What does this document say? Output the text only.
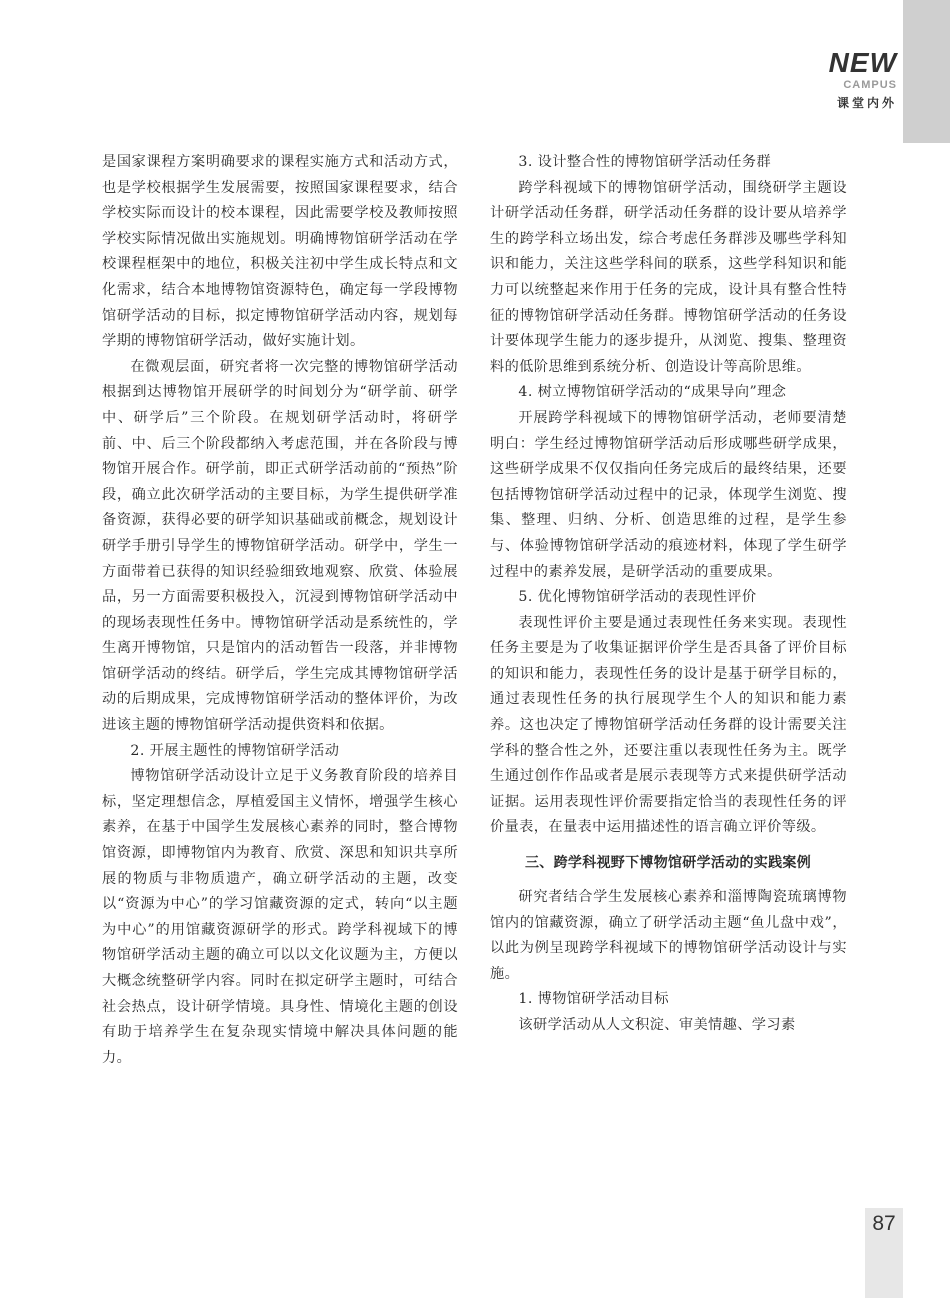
87
NEW
CAMPUS
课堂内外

是国家课程方案明确要求的课程实施方式和活动方式，也是学校根据学生发展需要，按照国家课程要求，结合学校实际而设计的校本课程，因此需要学校及教师按照学校实际情况做出实施规划。明确博物馆研学活动在学校课程框架中的地位，积极关注初中学生成长特点和文化需求，结合本地博物馆资源特色，确定每一学段博物馆研学活动的目标，拟定博物馆研学活动内容，规划每学期的博物馆研学活动，做好实施计划。

在微观层面，研究者将一次完整的博物馆研学活动根据到达博物馆开展研学的时间划分为“研学前、研学中、研学后”三个阶段。在规划研学活动时，将研学前、中、后三个阶段都纳入考虑范围，并在各阶段与博物馆开展合作。研学前，即正式研学活动前的“预热”阶段，确立此次研学活动的主要目标，为学生提供研学准备资源，获得必要的研学知识基础或前概念，规划设计研学手册引导学生的博物馆研学活动。研学中，学生一方面带着已获得的知识经验细致地观察、欣赏、体验展品，另一方面需要积极投入，沉浸到博物馆研学活动中的现场表现性任务中。博物馆研学活动是系统性的，学生离开博物馆，只是馆内的活动暂告一段落，并非博物馆研学活动的终结。研学后，学生完成其博物馆研学活动的后期成果，完成博物馆研学活动的整体评价，为改进该主题的博物馆研学活动提供资料和依据。

2. 开展主题性的博物馆研学活动

博物馆研学活动设计立足于义务教育阶段的培养目标，坚定理想信念，厚植爱国主义情怀，增强学生核心素养，在基于中国学生发展核心素养的同时，整合博物馆资源，即博物馆内为教育、欣赏、深思和知识共享所展的物质与非物质遗产，确立研学活动的主题，改变以“资源为中心”的学习馆藏资源的定式，转向“以主题为中心”的用馆藏资源研学的形式。跨学科视域下的博物馆研学活动主题的确立可以以文化议题为主，方便以大概念统整研学内容。同时在拟定研学主题时，可结合社会热点，设计研学情境。具身性、情境化主题的创设有助于培养学生在复杂现实情境中解决具体问题的能力。

3. 设计整合性的博物馆研学活动任务群

跨学科视域下的博物馆研学活动，围绕研学主题设计研学活动任务群，研学活动任务群的设计要从培养学生的跨学科立场出发，综合考虑任务群涉及哪些学科知识和能力，关注这些学科间的联系，这些学科知识和能力可以统整起来作用于任务的完成，设计具有整合性特征的博物馆研学活动任务群。博物馆研学活动的任务设计要体现学生能力的逐步提升，从浏览、搜集、整理资料的低阶思维到系统分析、创造设计等高阶思维。

4. 树立博物馆研学活动的“成果导向”理念

开展跨学科视域下的博物馆研学活动，老师要清楚明白：学生经过博物馆研学活动后形成哪些研学成果，这些研学成果不仅仅指向任务完成后的最终结果，还要包括博物馆研学活动过程中的记录，体现学生浏览、搜集、整理、归纳、分析、创造思维的过程，是学生参与、体验博物馆研学活动的痕迹材料，体现了学生研学过程中的素养发展，是研学活动的重要成果。

5. 优化博物馆研学活动的表现性评价

表现性评价主要是通过表现性任务来实现。表现性任务主要是为了收集证据评价学生是否具备了评价目标的知识和能力，表现性任务的设计是基于研学目标的，通过表现性任务的执行展现学生个人的知识和能力素养。这也决定了博物馆研学活动任务群的设计需要关注学科的整合性之外，还要注重以表现性任务为主。既学生通过创作作品或者是展示表现等方式来提供研学活动证据。运用表现性评价需要指定恰当的表现性任务的评价量表，在量表中运用描述性的语言确立评价等级。

三、跨学科视野下博物馆研学活动的实践案例

研究者结合学生发展核心素养和淄博陶瓷琉璃博物馆内的馆藏资源，确立了研学活动主题“鱼儿盘中戏”，以此为例呈现跨学科视域下的博物馆研学活动设计与实施。

1. 博物馆研学活动目标

该研学活动从人文积淀、审美情趣、学习素
